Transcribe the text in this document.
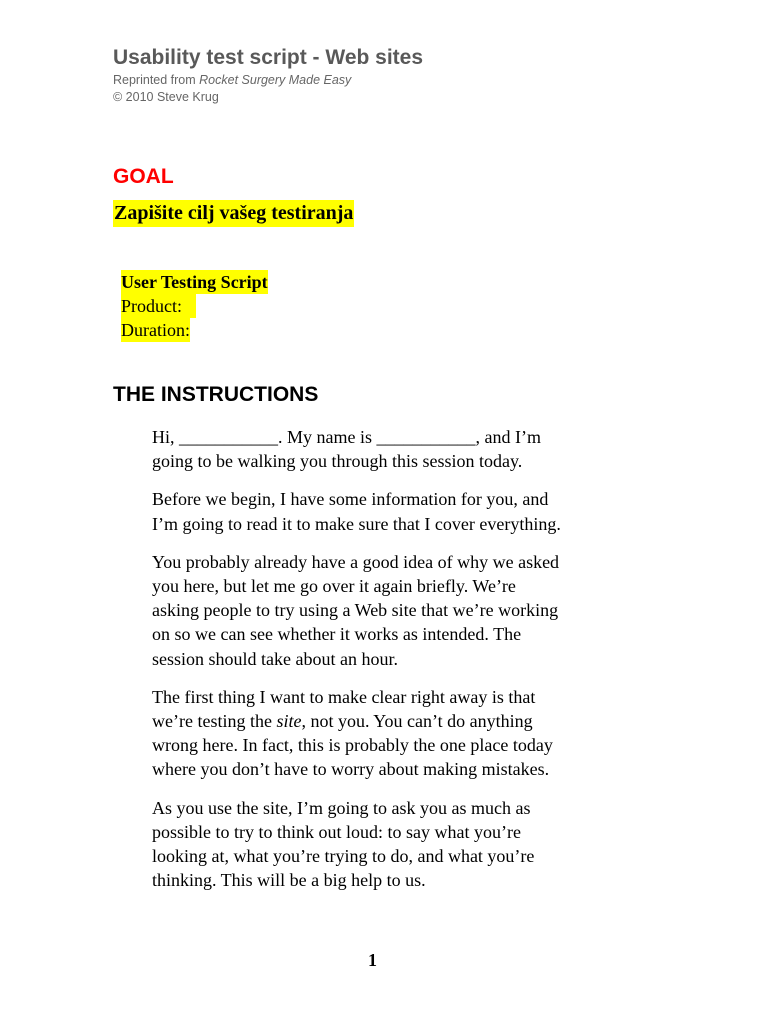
Usability test script - Web sites
Reprinted from Rocket Surgery Made Easy
© 2010 Steve Krug
GOAL
Zapišite cilj vašeg testiranja
User Testing Script
Product:
Duration:
THE INSTRUCTIONS

Hi, ___________. My name is ___________, and I’m
going to be walking you through this session today.

Before we begin, I have some information for you, and
I’m going to read it to make sure that I cover everything.

You probably already have a good idea of why we asked
you here, but let me go over it again briefly. We’re
asking people to try using a Web site that we’re working
on so we can see whether it works as intended. The
session should take about an hour.

The first thing I want to make clear right away is that
we’re testing the site, not you. You can’t do anything
wrong here. In fact, this is probably the one place today
where you don’t have to worry about making mistakes.

As you use the site, I’m going to ask you as much as
possible to try to think out loud: to say what you’re
looking at, what you’re trying to do, and what you’re
thinking. This will be a big help to us.

1
